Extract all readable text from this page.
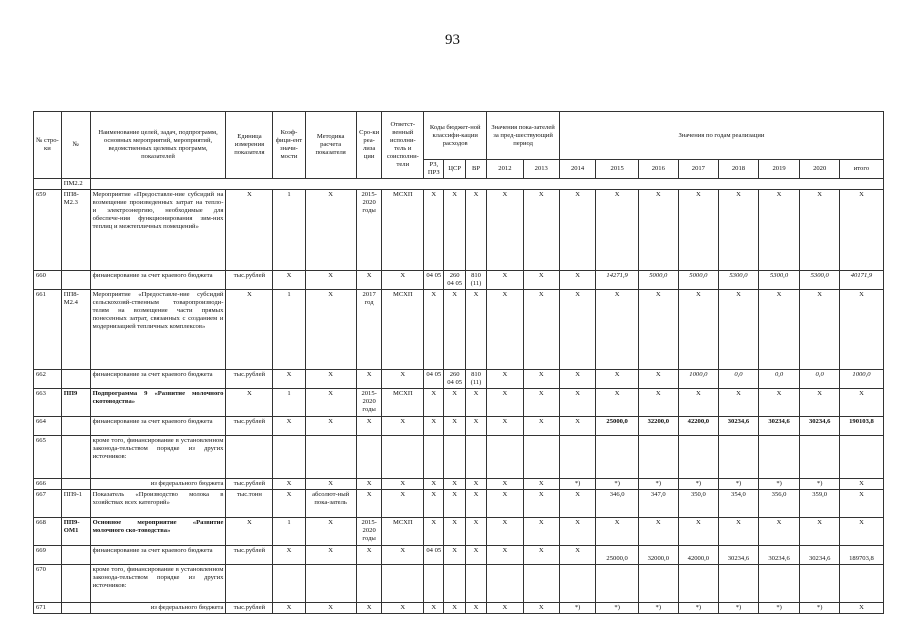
93
№ стро-ки	№	Наименование целей, задач, подпрограмм, основных мероприятий, мероприятий, ведомственных целевых программ, показателей	Единица измерения показателя	Коэф-фици-ент значи-мости	Методика расчета показателя	Сро-ки реа-лиза ции	Ответст-венный исполни-тель и соисполни-тели	Коды бюджет-ной классифи-кации расходов			Значения пока-зателей за пред-шествующий период		Значения по годам реализации							
								РЗ, ПРЗ	ЦСР	ВР	2012	2013	2014	2015	2016	2017	2018	2019	2020	итого
	ПМ2.2																			
659	ПП8-М2.3	Мероприятие «Предоставле-ние субсидий на возмещение произведенных затрат на тепло- и электроэнергию, необходимые для обеспече-ния функционирования зим-них теплиц и межтепличных помещений»	Х	1	Х	2015-2020 годы	МСХП	Х	Х	Х	Х	Х	Х	Х	Х	Х	Х	Х	Х	Х
660		финансирование за счет краевого бюджета	тыс.рублей	Х	Х	Х	Х	04 05	260 04 05	810 (11)	Х	Х	Х	14271,9	5000,0	5000,0	5300,0	5300,0	5300,0	40171,9
661	ПП8-М2.4	Мероприятие «Предоставле-ние субсидий сельскохозяй-ственным товаропроизводи-телям на возмещение части прямых понесенных затрат, связанных с созданием и модернизацией тепличных комплексов»	Х	1	Х	2017 год	МСХП	Х	Х	Х	Х	Х	Х	Х	Х	Х	Х	Х	Х	Х
662		финансирование за счет краевого бюджета	тыс.рублей	Х	Х	Х	Х	04 05	260 04 05	810 (11)	Х	Х	Х	Х	Х	1000,0	0,0	0,0	0,0	1000,0
663	ПП9	Подпрограмма 9 «Развитие молочного скотоводства»	Х	1	Х	2015-2020 годы	МСХП	Х	Х	Х	Х	Х	Х	Х	Х	Х	Х	Х	Х	Х
664		финансирование за счет краевого бюджета	тыс.рублей	Х	Х	Х	Х	Х	Х	Х	Х	Х	Х	25000,0	32200,0	42200,0	30234,6	30234,6	30234,6	190103,8
665		кроме того, финансирование в установленном законода-тельством порядке из других источников:																		
666		из федерального бюджета	тыс.рублей	Х	Х	Х	Х	Х	Х	Х	Х	Х	*)	*)	*)	*)	*)	*)	*)	Х
667	ПП9-1	Показатель «Производство молока в хозяйствах всех категорий»	тыс.тонн	Х	абсолют-ный пока-затель	Х	Х	Х	Х	Х	Х	Х	Х	346,0	347,0	350,0	354,0	356,0	359,0	Х
668	ПП9-ОМ1	Основное мероприятие «Развитие молочного ско-товодства»	Х	1	Х	2015-2020 годы	МСХП	Х	Х	Х	Х	Х	Х	Х	Х	Х	Х	Х	Х	Х
669		финансирование за счет краевого бюджета	тыс.рублей	Х	Х	Х	Х	04 05	Х	Х	Х	Х	Х	25000,0	32000,0	42000,0	30234,6	30234,6	30234,6	189703,8
670		кроме того, финансирование в установленном законода-тельством порядке из других источников:																		
671		из федерального бюджета	тыс.рублей	Х	Х	Х	Х	Х	Х	Х	Х	Х	*)	*)	*)	*)	*)	*)	*)	Х
